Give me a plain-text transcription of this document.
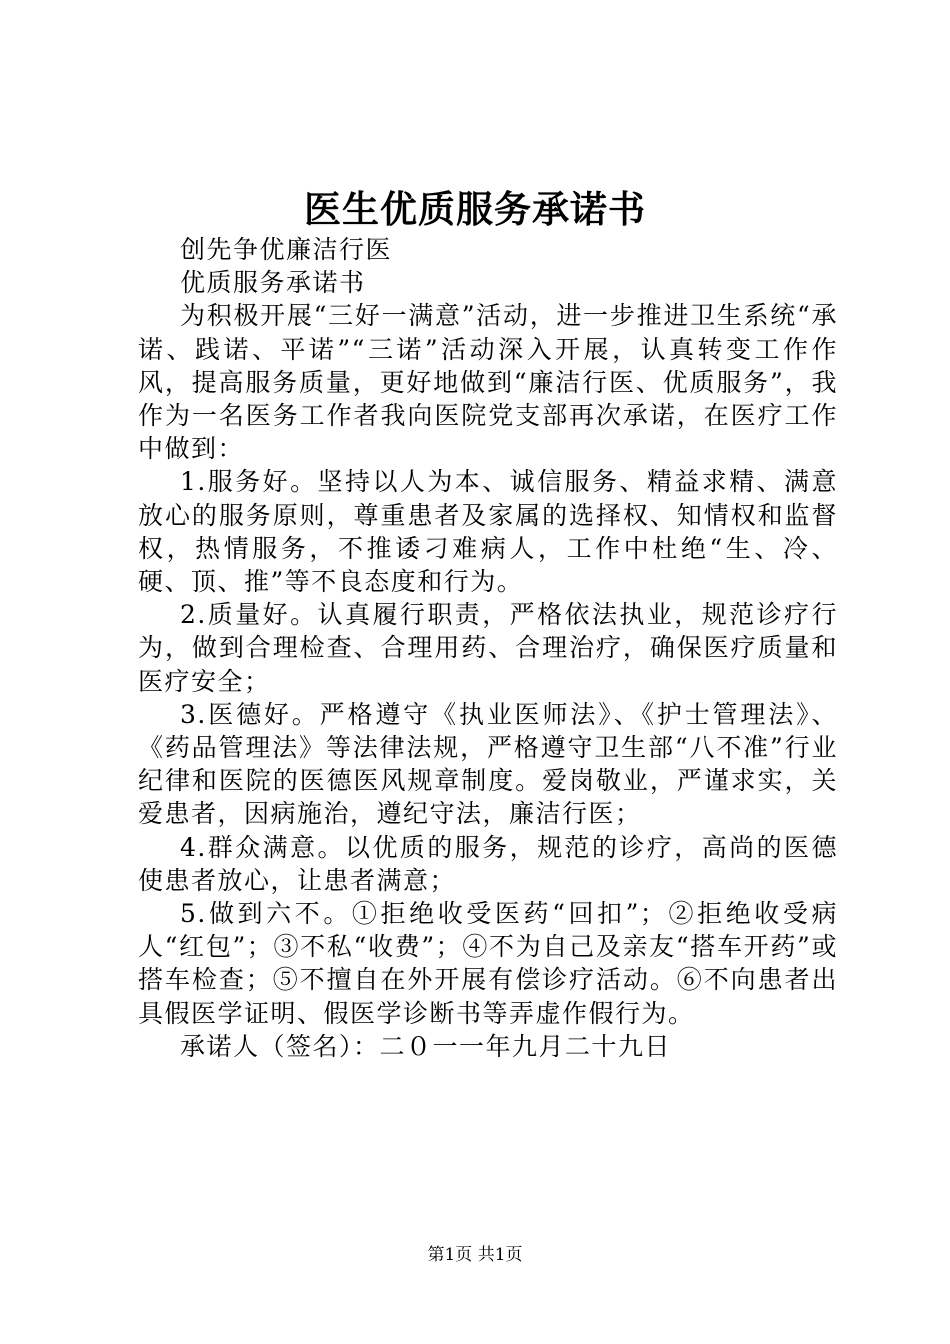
医生优质服务承诺书

创先争优廉洁行医

优质服务承诺书

为积极开展“三好一满意”活动，进一步推进卫生系统“承诺、践诺、平诺”“三诺”活动深入开展，认真转变工作作风，提高服务质量，更好地做到“廉洁行医、优质服务”，我作为一名医务工作者我向医院党支部再次承诺，在医疗工作中做到：

1.服务好。坚持以人为本、诚信服务、精益求精、满意放心的服务原则，尊重患者及家属的选择权、知情权和监督权，热情服务，不推诿刁难病人，工作中杜绝“生、冷、硬、顶、推”等不良态度和行为。

2.质量好。认真履行职责，严格依法执业，规范诊疗行为，做到合理检查、合理用药、合理治疗，确保医疗质量和医疗安全；

3.医德好。严格遵守《执业医师法》、《护士管理法》、《药品管理法》等法律法规，严格遵守卫生部“八不准”行业纪律和医院的医德医风规章制度。爱岗敬业，严谨求实，关爱患者，因病施治，遵纪守法，廉洁行医；

4.群众满意。以优质的服务，规范的诊疗，高尚的医德使患者放心，让患者满意；

5.做到六不。①拒绝收受医药“回扣”；②拒绝收受病人“红包”；③不私“收费”；④不为自己及亲友“搭车开药”或搭车检查；⑤不擅自在外开展有偿诊疗活动。⑥不向患者出具假医学证明、假医学诊断书等弄虚作假行为。

承诺人（签名）：二０一一年九月二十九日

第1页 共1页
